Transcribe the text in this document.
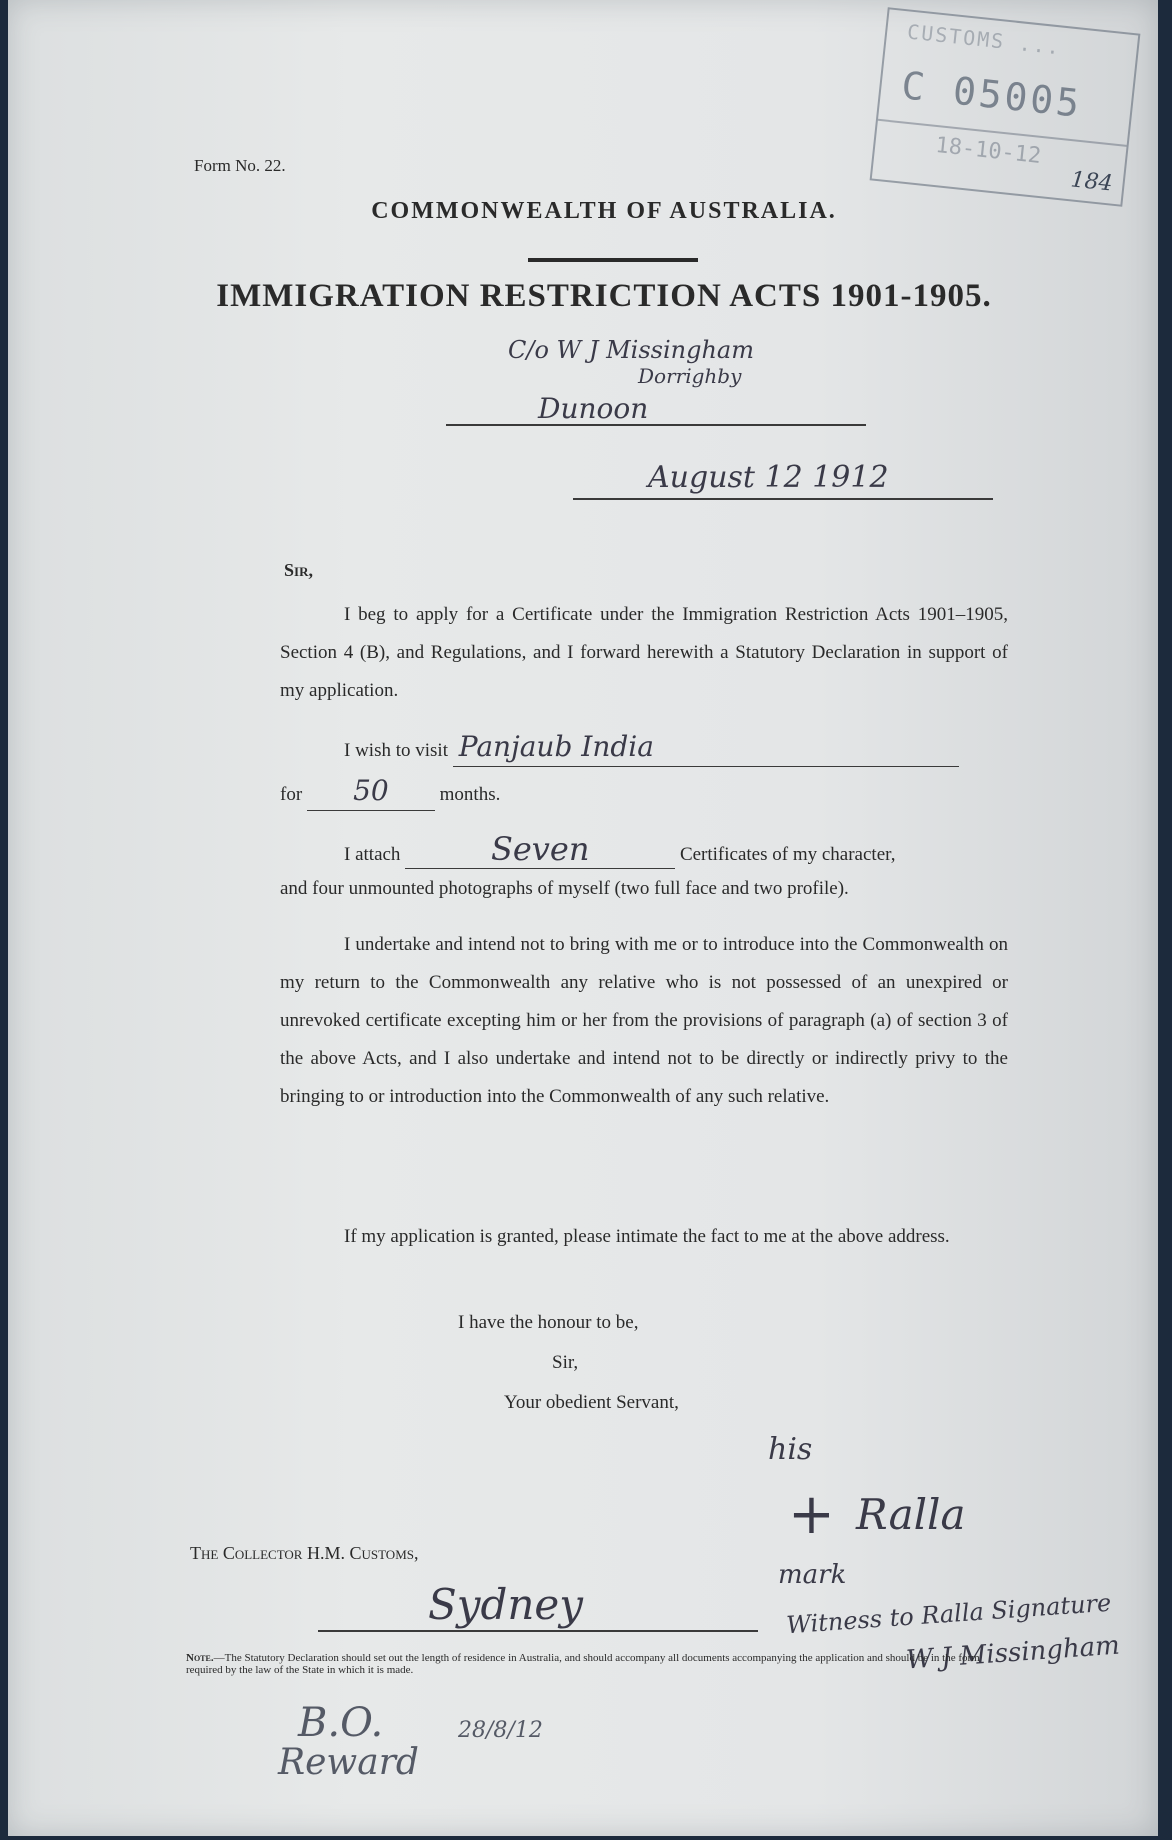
CUSTOMS ...
C 05005
18-10-12
184
Form No. 22.
COMMONWEALTH OF AUSTRALIA.
IMMIGRATION RESTRICTION ACTS 1901-1905.
C/o W J Missingham
Dorrighby
Dunoon
August 12 1912
Sir,

I beg to apply for a Certificate under the Immigration Restriction Acts 1901–1905, Section 4 (B), and Regulations, and I forward herewith a Statutory Declaration in support of my application.

I wish to visit Panjaub India
for 50	months.
I attach	Seven	Certificates of my character,
and four unmounted photographs of myself (two full face and two profile).

I undertake and intend not to bring with me or to introduce into the Commonwealth on my return to the Commonwealth any relative who is not possessed of an unexpired or unrevoked certificate excepting him or her from the provisions of paragraph (a) of section 3 of the above Acts, and I also undertake and intend not to be directly or indirectly privy to the bringing to or introduction into the Commonwealth of any such relative.

If my application is granted, please intimate the fact to me at the above address.

I have the honour to be,
Sir,
Your obedient Servant,
his
+ Ralla
mark
Witness to Ralla Signature
W J Missingham
The Collector H.M. Customs,
Sydney
Note.—The Statutory Declaration should set out the length of residence in Australia, and should accompany all documents accompanying the application and should be in the form required by the law of the State in which it is made.
B.O.
Reward
28/8/12
